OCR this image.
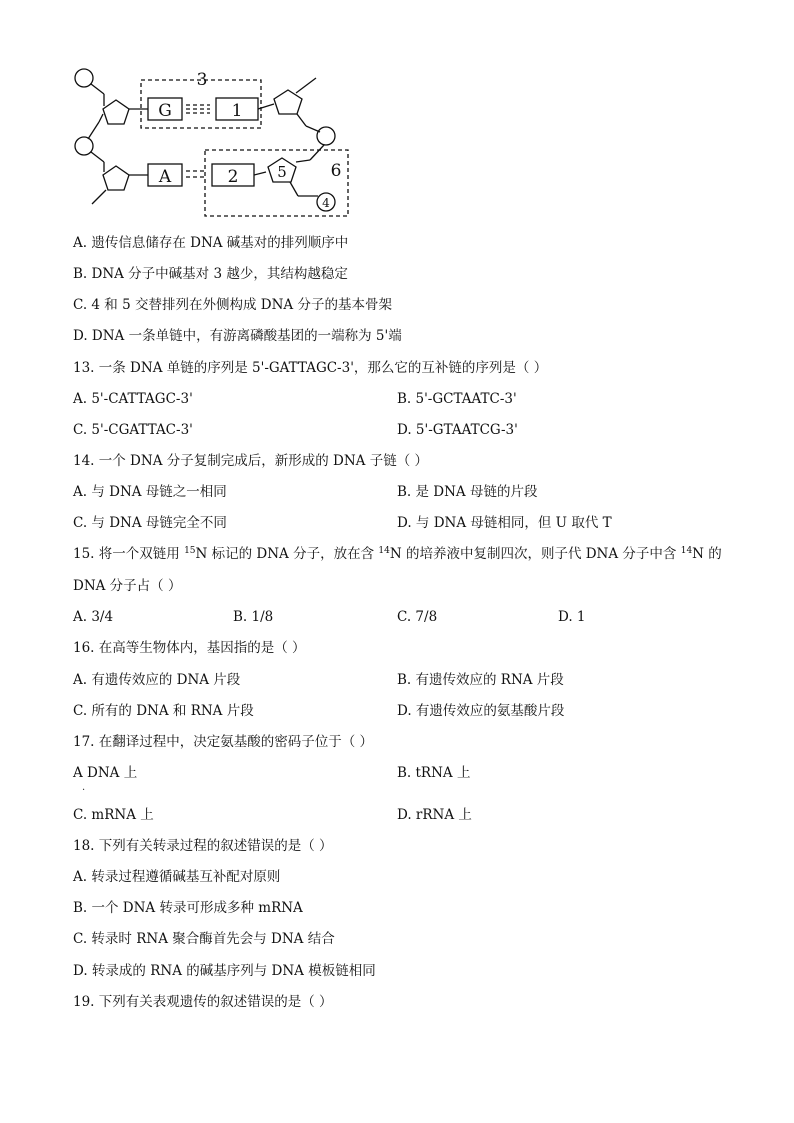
3
6
G	1
A	2	5
4
A. 遗传信息储存在 DNA 碱基对的排列顺序中
B. DNA 分子中碱基对 3 越少，其结构越稳定
C. 4 和 5 交替排列在外侧构成 DNA 分子的基本骨架
D. DNA 一条单链中，有游离磷酸基团的一端称为 5'端
13. 一条 DNA 单链的序列是 5'-GATTAGC-3'，那么它的互补链的序列是（ ）
A. 5'-CATTAGC-3'	B. 5'-GCTAATC-3'
C. 5'-CGATTAC-3'	D. 5'-GTAATCG-3'
14. 一个 DNA 分子复制完成后，新形成的 DNA 子链（ ）
A. 与 DNA 母链之一相同	B. 是 DNA 母链的片段
C. 与 DNA 母链完全不同	D. 与 DNA 母链相同，但 U 取代 T
15. 将一个双链用 $^{15}$N 标记的 DNA 分子，放在含 $^{14}$N 的培养液中复制四次，则子代 DNA 分子中含 $^{14}$N 的
DNA 分子占（ ）
A. 3/4	B. 1/8	C. 7/8	D. 1
16. 在高等生物体内，基因指的是（ ）
A. 有遗传效应的 DNA 片段	B. 有遗传效应的 RNA 片段
C. 所有的 DNA 和 RNA 片段	D. 有遗传效应的氨基酸片段
17. 在翻译过程中，决定氨基酸的密码子位于（ ）
A DNA 上	B. tRNA 上
·
C. mRNA 上	D. rRNA 上
18. 下列有关转录过程的叙述错误的是（ ）
A. 转录过程遵循碱基互补配对原则
B. 一个 DNA 转录可形成多种 mRNA
C. 转录时 RNA 聚合酶首先会与 DNA 结合
D. 转录成的 RNA 的碱基序列与 DNA 模板链相同
19. 下列有关表观遗传的叙述错误的是（ ）
